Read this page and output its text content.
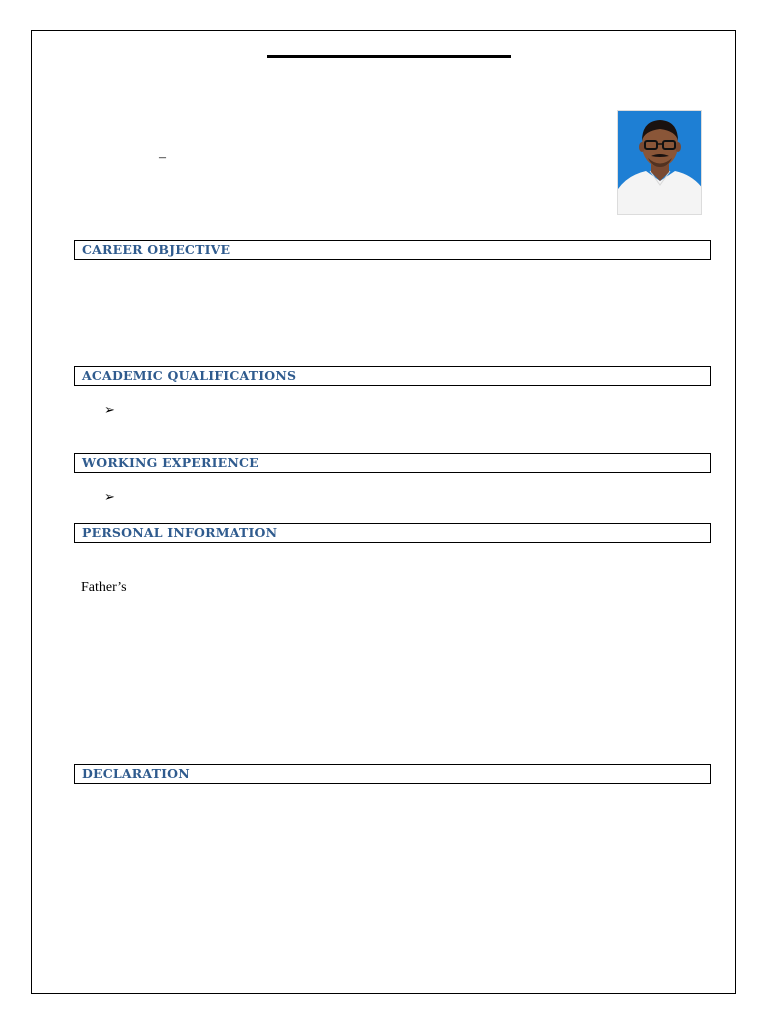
–
CAREER OBJECTIVE
ACADEMIC QUALIFICATIONS
➢
WORKING EXPERIENCE
➢
PERSONAL INFORMATION
Father’s
DECLARATION
